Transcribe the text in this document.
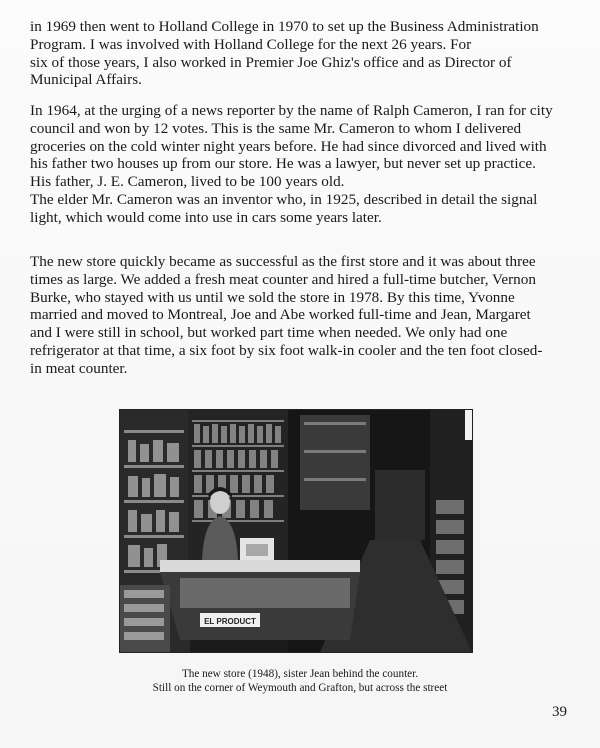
in 1969 then went to Holland College in 1970 to set up the Business Administration
Program. I was involved with Holland College for the next 26 years. For
six of those years, I also worked in Premier Joe Ghiz's office and as Director of
Municipal Affairs.

In 1964, at the urging of a news reporter by the name of Ralph Cameron, I ran for city
council and won by 12 votes. This is the same Mr. Cameron to whom I delivered
groceries on the cold winter night years before. He had since divorced and lived with
his father two houses up from our store. He was a lawyer, but never set up practice.
His father, J. E. Cameron, lived to be 100 years old.
The elder Mr. Cameron was an inventor who, in 1925, described in detail the signal
light, which would come into use in cars some years later.

The new store quickly became as successful as the first store and it was about three
times as large. We added a fresh meat counter and hired a full-time butcher, Vernon
Burke, who stayed with us until we sold the store in 1978. By this time, Yvonne
married and moved to Montreal, Joe and Abe worked full-time and Jean, Margaret
and I were still in school, but worked part time when needed. We only had one
refrigerator at that time, a six foot by six foot walk-in cooler and the ten foot closed-
in meat counter.

EL PRODUCT
The new store (1948), sister Jean behind the counter.
Still on the corner of Weymouth and Grafton, but across the street
39
